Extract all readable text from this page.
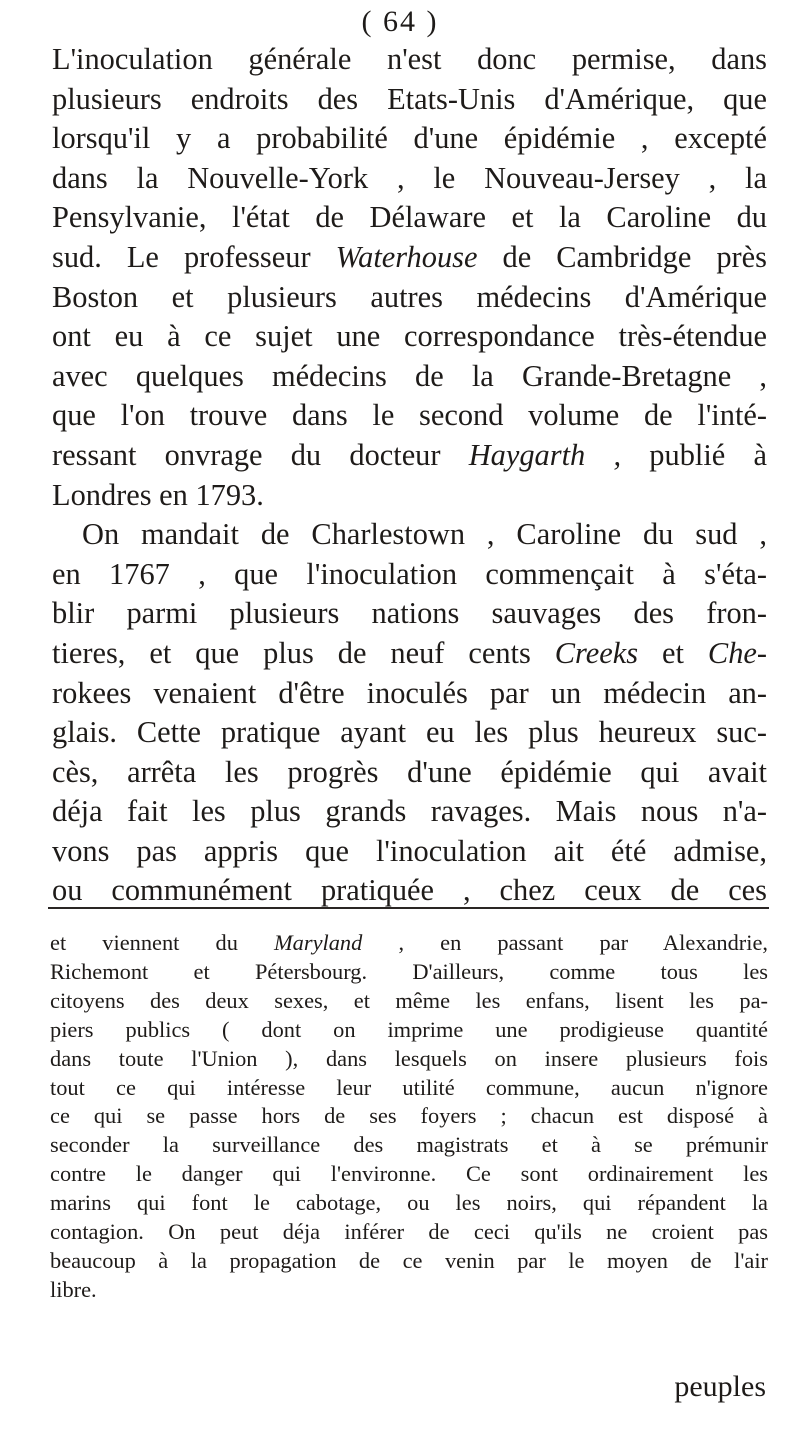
( 64 )
L'inoculation générale n'est donc permise, dans
plusieurs endroits des Etats-Unis d'Amérique, que
lorsqu'il y a probabilité d'une épidémie , excepté
dans la Nouvelle-York , le Nouveau-Jersey , la
Pensylvanie, l'état de Délaware et la Caroline du
sud. Le professeur Waterhouse de Cambridge près
Boston et plusieurs autres médecins d'Amérique
ont eu à ce sujet une correspondance très-étendue
avec quelques médecins de la Grande-Bretagne ,
que l'on trouve dans le second volume de l'inté-
ressant onvrage du docteur Haygarth , publié à
Londres en 1793.
On mandait de Charlestown , Caroline du sud ,
en 1767 , que l'inoculation commençait à s'éta-
blir parmi plusieurs nations sauvages des fron-
tieres, et que plus de neuf cents Creeks et Che-
rokees venaient d'être inoculés par un médecin an-
glais. Cette pratique ayant eu les plus heureux suc-
cès, arrêta les progrès d'une épidémie qui avait
déja fait les plus grands ravages. Mais nous n'a-
vons pas appris que l'inoculation ait été admise,
ou communément pratiquée , chez ceux de ces
et viennent du Maryland , en passant par Alexandrie,
Richemont et Pétersbourg. D'ailleurs, comme tous les
citoyens des deux sexes, et même les enfans, lisent les pa-
piers publics ( dont on imprime une prodigieuse quantité
dans toute l'Union ), dans lesquels on insere plusieurs fois
tout ce qui intéresse leur utilité commune, aucun n'ignore
ce qui se passe hors de ses foyers ; chacun est disposé à
seconder la surveillance des magistrats et à se prémunir
contre le danger qui l'environne. Ce sont ordinairement les
marins qui font le cabotage, ou les noirs, qui répandent la
contagion. On peut déja inférer de ceci qu'ils ne croient pas
beaucoup à la propagation de ce venin par le moyen de l'air
libre.
peuples
